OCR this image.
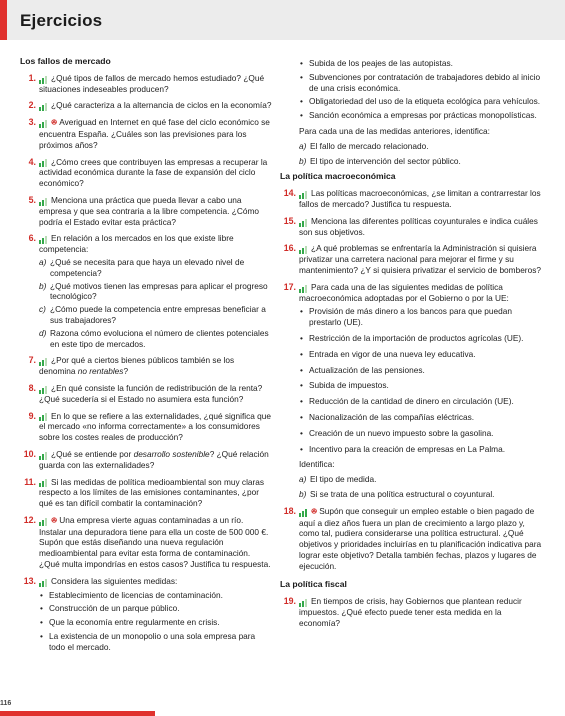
Ejercicios
Los fallos de mercado
1. ¿Qué tipos de fallos de mercado hemos estudiado? ¿Qué situaciones indeseables producen?
2. ¿Qué caracteriza a la alternancia de ciclos en la economía?
3. ꔮ Averiguad en Internet en qué fase del ciclo económico se encuentra España. ¿Cuáles son las previsiones para los próximos años?
4. ¿Cómo crees que contribuyen las empresas a recuperar la actividad económica durante la fase de expansión del ciclo económico?
5. Menciona una práctica que pueda llevar a cabo una empresa y que sea contraria a la libre competencia. ¿Cómo podría el Estado evitar esta práctica?
6. En relación a los mercados en los que existe libre competencia:
a) ¿Qué se necesita para que haya un elevado nivel de competencia?
b) ¿Qué motivos tienen las empresas para aplicar el progreso tecnológico?
c) ¿Cómo puede la competencia entre empresas beneficiar a sus trabajadores?
d) Razona cómo evoluciona el número de clientes potenciales en este tipo de mercados.
7. ¿Por qué a ciertos bienes públicos también se los denomina no rentables?
8. ¿En qué consiste la función de redistribución de la renta? ¿Qué sucedería si el Estado no asumiera esta función?
9. En lo que se refiere a las externalidades, ¿qué significa que el mercado «no informa correctamente» a los consumidores sobre los costes reales de producción?
10. ¿Qué se entiende por desarrollo sostenible? ¿Qué relación guarda con las externalidades?
11. Si las medidas de política medioambiental son muy claras respecto a los límites de las emisiones contaminantes, ¿por qué es tan difícil combatir la contaminación?
12. ꔮ Una empresa vierte aguas contaminadas a un río. Instalar una depuradora tiene para ella un coste de 500 000 €. Supón que estás diseñando una nueva regulación medioambiental para evitar esta forma de contaminación. ¿Qué multa impondrías en estos casos? Justifica tu respuesta.
13. Considera las siguientes medidas:
• Establecimiento de licencias de contaminación.
• Construcción de un parque público.
• Que la economía entre regularmente en crisis.
• La existencia de un monopolio o una sola empresa para todo el mercado.
• Subida de los peajes de las autopistas.
• Subvenciones por contratación de trabajadores debido al inicio de una crisis económica.
• Obligatoriedad del uso de la etiqueta ecológica para vehículos.
• Sanción económica a empresas por prácticas monopolísticas.
Para cada una de las medidas anteriores, identifica:
a) El fallo de mercado relacionado.
b) El tipo de intervención del sector público.
La política macroeconómica
14. Las políticas macroeconómicas, ¿se limitan a contrarrestar los fallos de mercado? Justifica tu respuesta.
15. Menciona las diferentes políticas coyunturales e indica cuáles son sus objetivos.
16. ¿A qué problemas se enfrentaría la Administración si quisiera privatizar una carretera nacional para mejorar el firme y su mantenimiento? ¿Y si quisiera privatizar el servicio de bomberos?
17. Para cada una de las siguientes medidas de política macroeconómica adoptadas por el Gobierno o por la UE:
• Provisión de más dinero a los bancos para que puedan prestarlo (UE).
• Restricción de la importación de productos agrícolas (UE).
• Entrada en vigor de una nueva ley educativa.
• Actualización de las pensiones.
• Subida de impuestos.
• Reducción de la cantidad de dinero en circulación (UE).
• Nacionalización de las compañías eléctricas.
• Creación de un nuevo impuesto sobre la gasolina.
• Incentivo para la creación de empresas en La Palma.
Identifica:
a) El tipo de medida.
b) Si se trata de una política estructural o coyuntural.
18. ꔮ Supón que conseguir un empleo estable o bien pagado de aquí a diez años fuera un plan de crecimiento a largo plazo y, como tal, pudiera considerarse una política estructural. ¿Qué objetivos y prioridades incluirías en tu planificación indicativa para lograr este objetivo? Detalla también fechas, plazos y lugares de ejecución.
La política fiscal
19. En tiempos de crisis, hay Gobiernos que plantean reducir impuestos. ¿Qué efecto puede tener esta medida en la economía?
116
